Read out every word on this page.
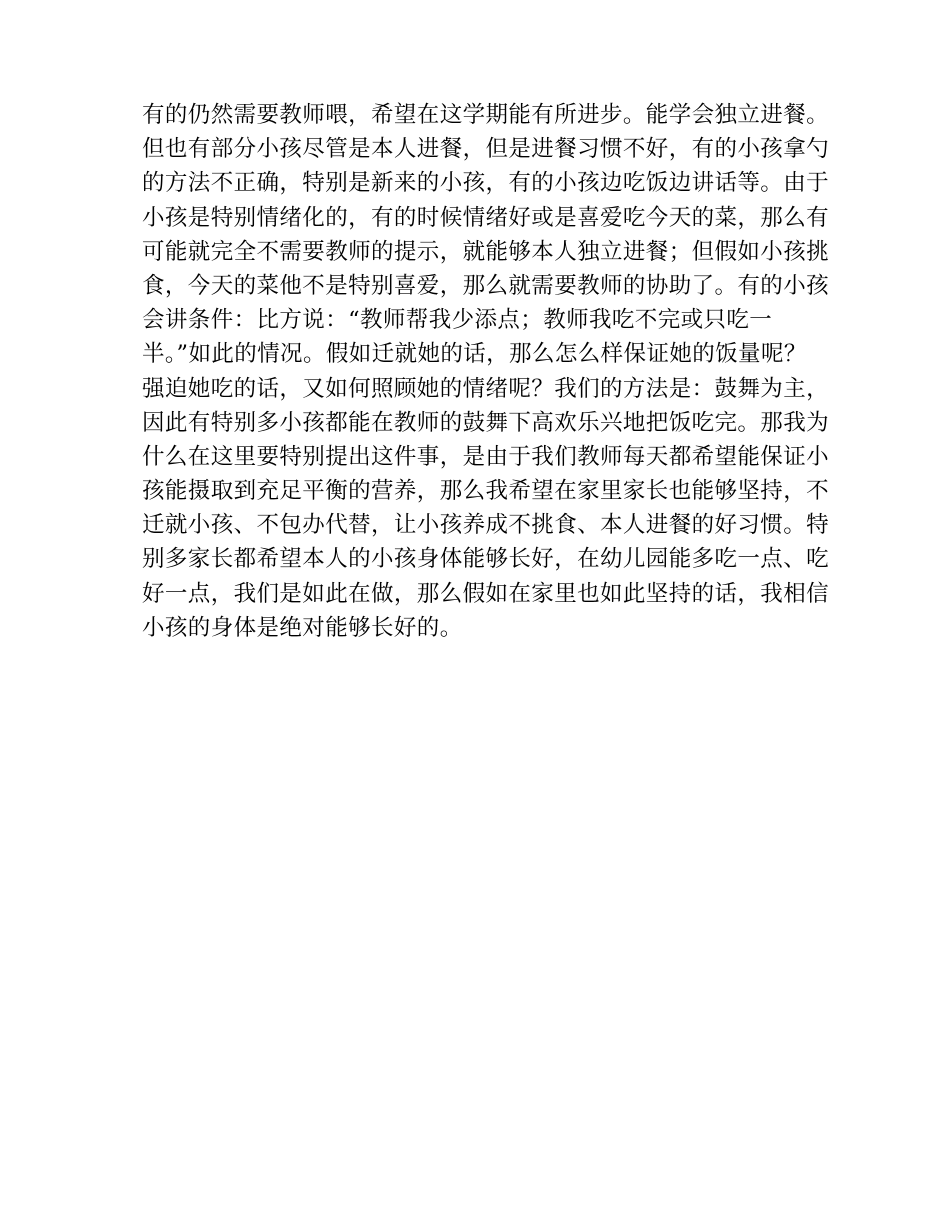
有的仍然需要教师喂，希望在这学期能有所进步。能学会独立进餐。
但也有部分小孩尽管是本人进餐，但是进餐习惯不好，有的小孩拿勺
的方法不正确，特别是新来的小孩，有的小孩边吃饭边讲话等。由于
小孩是特别情绪化的，有的时候情绪好或是喜爱吃今天的菜，那么有
可能就完全不需要教师的提示，就能够本人独立进餐；但假如小孩挑
食，今天的菜他不是特别喜爱，那么就需要教师的协助了。有的小孩
会讲条件：比方说：“教师帮我少添点；教师我吃不完或只吃一
半。”如此的情况。假如迁就她的话，那么怎么样保证她的饭量呢？
强迫她吃的话，又如何照顾她的情绪呢？我们的方法是：鼓舞为主，
因此有特别多小孩都能在教师的鼓舞下高欢乐兴地把饭吃完。那我为
什么在这里要特别提出这件事，是由于我们教师每天都希望能保证小
孩能摄取到充足平衡的营养，那么我希望在家里家长也能够坚持，不
迁就小孩、不包办代替，让小孩养成不挑食、本人进餐的好习惯。特
别多家长都希望本人的小孩身体能够长好，在幼儿园能多吃一点、吃
好一点，我们是如此在做，那么假如在家里也如此坚持的话，我相信
小孩的身体是绝对能够长好的。
